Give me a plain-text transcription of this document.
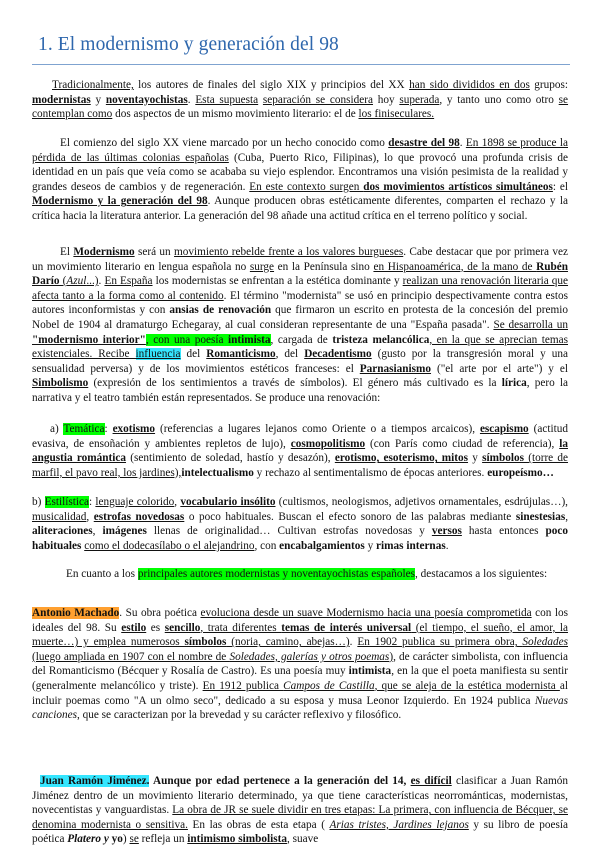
1. El modernismo y generación del 98

Tradicionalmente, los autores de finales del siglo XIX y principios del XX han sido divididos en dos grupos: modernistas y noventayochistas. Esta supuesta separación se considera hoy superada, y tanto uno como otro se contemplan como dos aspectos de un mismo movimiento literario: el de los finiseculares.

El comienzo del siglo XX viene marcado por un hecho conocido como desastre del 98. En 1898 se produce la pérdida de las últimas colonias españolas (Cuba, Puerto Rico, Filipinas), lo que provocó una profunda crisis de identidad en un país que veía como se acababa su viejo esplendor. Encontramos una visión pesimista de la realidad y grandes deseos de cambios y de regeneración. En este contexto surgen dos movimientos artísticos simultáneos: el Modernismo y la generación del 98. Aunque producen obras estéticamente diferentes, comparten el rechazo y la crítica hacia la literatura anterior. La generación del 98 añade una actitud crítica en el terreno político y social.

El Modernismo será un movimiento rebelde frente a los valores burgueses. Cabe destacar que por primera vez un movimiento literario en lengua española no surge en la Península sino en Hispanoamérica, de la mano de Rubén Darío (Azul...). En España los modernistas se enfrentan a la estética dominante y realizan una renovación literaria que afecta tanto a la forma como al contenido. El término "modernista" se usó en principio despectivamente contra estos autores inconformistas y con ansias de renovación que firmaron un escrito en protesta de la concesión del premio Nobel de 1904 al dramaturgo Echegaray, al cual consideran representante de una "España pasada". Se desarrolla un "modernismo interior", con una poesía intimista, cargada de tristeza melancólica, en la que se aprecian temas existenciales. Recibe influencia del Romanticismo, del Decadentismo (gusto por la transgresión moral y una sensualidad perversa) y de los movimientos estéticos franceses: el Parnasianismo ("el arte por el arte") y el Simbolismo (expresión de los sentimientos a través de símbolos). El género más cultivado es la lírica, pero la narrativa y el teatro también están representados. Se produce una renovación:

a) Temática: exotismo (referencias a lugares lejanos como Oriente o a tiempos arcaicos), escapismo (actitud evasiva, de ensoñación y ambientes repletos de lujo), cosmopolitismo (con París como ciudad de referencia), la angustia romántica (sentimiento de soledad, hastío y desazón), erotismo, esoterismo, mitos y símbolos (torre de marfil, el pavo real, los jardines),intelectualismo y rechazo al sentimentalismo de épocas anteriores. europeísmo…

b) Estilística: lenguaje colorido, vocabulario insólito (cultismos, neologismos, adjetivos ornamentales, esdrújulas…), musicalidad, estrofas novedosas o poco habituales. Buscan el efecto sonoro de las palabras mediante sinestesias, aliteraciones, imágenes llenas de originalidad… Cultivan estrofas novedosas y versos hasta entonces poco habituales como el dodecasílabo o el alejandrino, con encabalgamientos y rimas internas.

En cuanto a los principales autores modernistas y noventayochistas españoles, destacamos a los siguientes:

Antonio Machado. Su obra poética evoluciona desde un suave Modernismo hacia una poesía comprometida con los ideales del 98. Su estilo es sencillo, trata diferentes temas de interés universal (el tiempo, el sueño, el amor, la muerte…) y emplea numerosos símbolos (noria, camino, abejas…). En 1902 publica su primera obra, Soledades (luego ampliada en 1907 con el nombre de Soledades, galerías y otros poemas), de carácter simbolista, con influencia del Romanticismo (Bécquer y Rosalía de Castro). Es una poesía muy intimista, en la que el poeta manifiesta su sentir (generalmente melancólico y triste). En 1912 publica Campos de Castilla, que se aleja de la estética modernista al incluir poemas como "A un olmo seco", dedicado a su esposa y musa Leonor Izquierdo. En 1924 publica Nuevas canciones, que se caracterizan por la brevedad y su carácter reflexivo y filosófico.

Juan Ramón Jiménez. Aunque por edad pertenece a la generación del 14, es difícil clasificar a Juan Ramón Jiménez dentro de un movimiento literario determinado, ya que tiene características neorrománticas, modernistas, novecentistas y vanguardistas. La obra de JR se suele dividir en tres etapas: La primera, con influencia de Bécquer, se denomina modernista o sensitiva. En las obras de esta etapa ( Arias tristes, Jardines lejanos y su libro de poesía poética Platero y yo) se refleja un intimismo simbolista, suave
